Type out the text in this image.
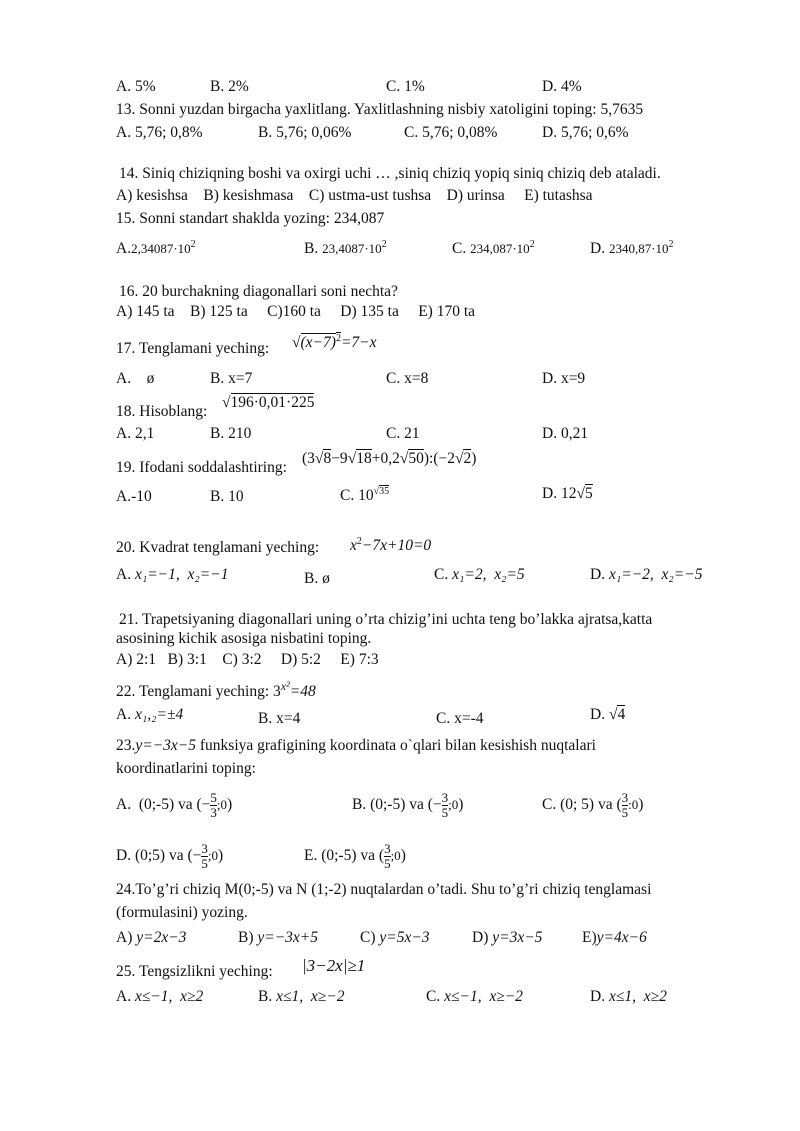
A. 5%	B. 2%	C. 1%	D. 4%
13. Sonni yuzdan birgacha yaxlitlang. Yaxlitlashning nisbiy xatoligini toping: 5,7635
A. 5,76; 0,8%	B. 5,76; 0,06%	C. 5,76; 0,08%	D. 5,76; 0,6%
14. Siniq chiziqning boshi va oxirgi uchi … ,siniq chiziq yopiq siniq chiziq deb ataladi.
A) kesishsa    B) kesishmasa    C) ustma-ust tushsa    D) urinsa     E) tutashsa
15. Sonni standart shaklda yozing: 234,087
$A.2,34087\cdot 10^2$	B. $23,4087\cdot 10^2$	C. $234,087\cdot 10^2$	D. $2340,87\cdot 10^2$
16. 20 burchakning diagonallari soni nechta?
A) 145 ta    B) 125 ta     C)160 ta     D) 135 ta     E) 170 ta
17. Tenglamani yeching: $√(x-7)^2=7-x$
A.    ø	B. x=7	C. x=8	D. x=9
18. Hisoblang:
√196·0,01·225
A. 2,1	B. 210	C. 21	D. 0,21
19. Ifodani soddalashtiring:
(3√8−9√18+0,2√50):(−2√2)
A.-10	B. 10	C. $10^{√35}$	D. 12√5
20. Kvadrat tenglamani yeching: $x^2-7x+10=0$
A. x₁=−1,  x₂=−1	B. ø	C. x₁=2,  x₂=5	D. x₁=−2,  x₂=−5
21. Trapetsiyaning diagonallari uning o’rta chizig’ini uchta teng bo’lakka ajratsa,katta
asosining kichik asosiga nisbatini toping.
A) 2:1   B) 3:1    C) 3:2     D) 5:2     E) 7:3
22. Tenglamani yeching: $3^{x^2}=48$
A. x₁,₂=±4	B. x=4	C. x=-4	D. √4
23.y=−3x−5 funksiya grafigining koordinata o`qlari bilan kesishish nuqtalari
koordinatlarini toping:
A.  (0;-5) va (− $\frac{5}{3}$ ;0)	B. (0;-5) va (− $\frac{3}{5}$ ;0)	C. (0; 5) va ( $\frac{3}{5}$ :0)
D. (0;5) va (− $\frac{3}{5}$ ;0)	E. (0;-5) va ( $\frac{3}{5}$ ;0)
24.To’g’ri chiziq M(0;-5) va N (1;-2) nuqtalardan o’tadi. Shu to’g’ri chiziq tenglamasi
(formulasini) yozing.
A) y=2x−3	B) y=−3x+5	C) y=5x−3	D) y=3x−5	E)y=4x−6
25. Tengsizlikni yeching: |3−2x|≥1
A. x≤−1,  x≥2	B. x≤1,  x≥−2	C. x≤−1,  x≥−2	D. x≤1,  x≥2
